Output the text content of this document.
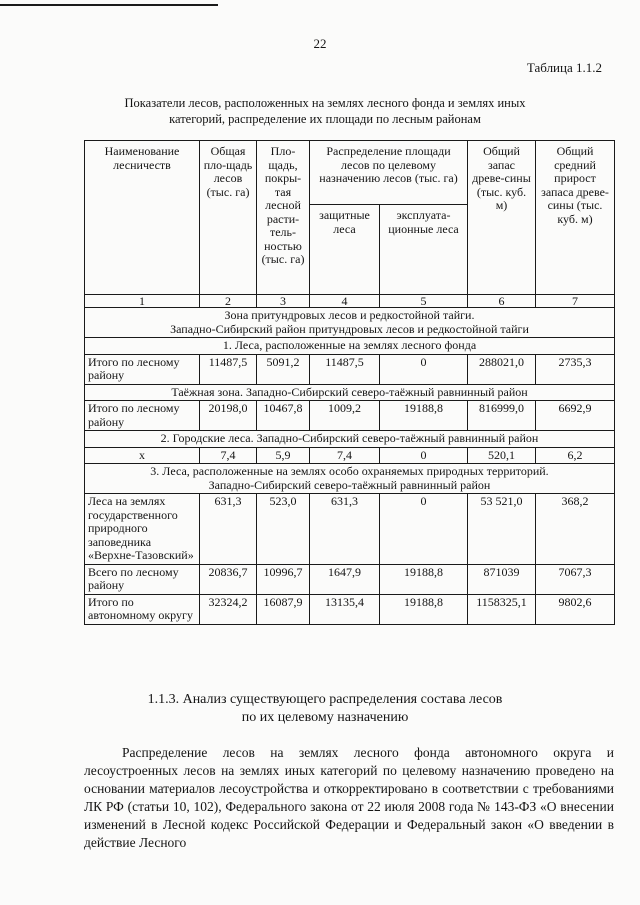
22
Таблица 1.1.2
Показатели лесов, расположенных на землях лесного фонда и землях иных
категорий, распределение их площади по лесным районам
Наименование лесничеств	Общая пло-щадь лесов (тыс. га)	Пло-щадь, покры-тая лесной расти-тель-ностью (тыс. га)	Распределение площади лесов по целевому назначению лесов (тыс. га)		Общий запас древе-сины (тыс. куб. м)	Общий средний прирост запаса древе-сины (тыс. куб. м)
			защитные леса	эксплуата-ционные леса		
1	2	3	4	5	6	7

Зона притундровых лесов и редкостойной тайги.
Западно-Сибирский район притундровых лесов и редкостойной тайги						

1. Леса, расположенные на землях лесного фонда						
Итого по лесному району	11487,5	5091,2	11487,5	0	288021,0	2735,3
Таёжная зона. Западно-Сибирский северо-таёжный равнинный район						
Итого по лесному району	20198,0	10467,8	1009,2	19188,8	816999,0	6692,9
2. Городские леса. Западно-Сибирский северо-таёжный равнинный район						
х	7,4	5,9	7,4	0	520,1	6,2

3. Леса, расположенные на землях особо охраняемых природных территорий.
Западно-Сибирский северо-таёжный равнинный район						

Леса на землях государственного природного заповедника «Верхне-Тазовский»	631,3	523,0	631,3	0	53 521,0	368,2
Всего по лесному району	20836,7	10996,7	1647,9	19188,8	871039	7067,3
Итого по автономному округу	32324,2	16087,9	13135,4	19188,8	1158325,1	9802,6
1.1.3. Анализ существующего распределения состава лесов
по их целевому назначению
Распределение лесов на землях лесного фонда автономного округа и лесоустроенных лесов на землях иных категорий по целевому назначению проведено на основании материалов лесоустройства и откорректировано в соответствии с требованиями ЛК РФ (статьи 10, 102), Федерального закона от 22 июля 2008 года № 143-ФЗ «О внесении изменений в Лесной кодекс Российской Федерации и Федеральный закон «О введении в действие Лесного
